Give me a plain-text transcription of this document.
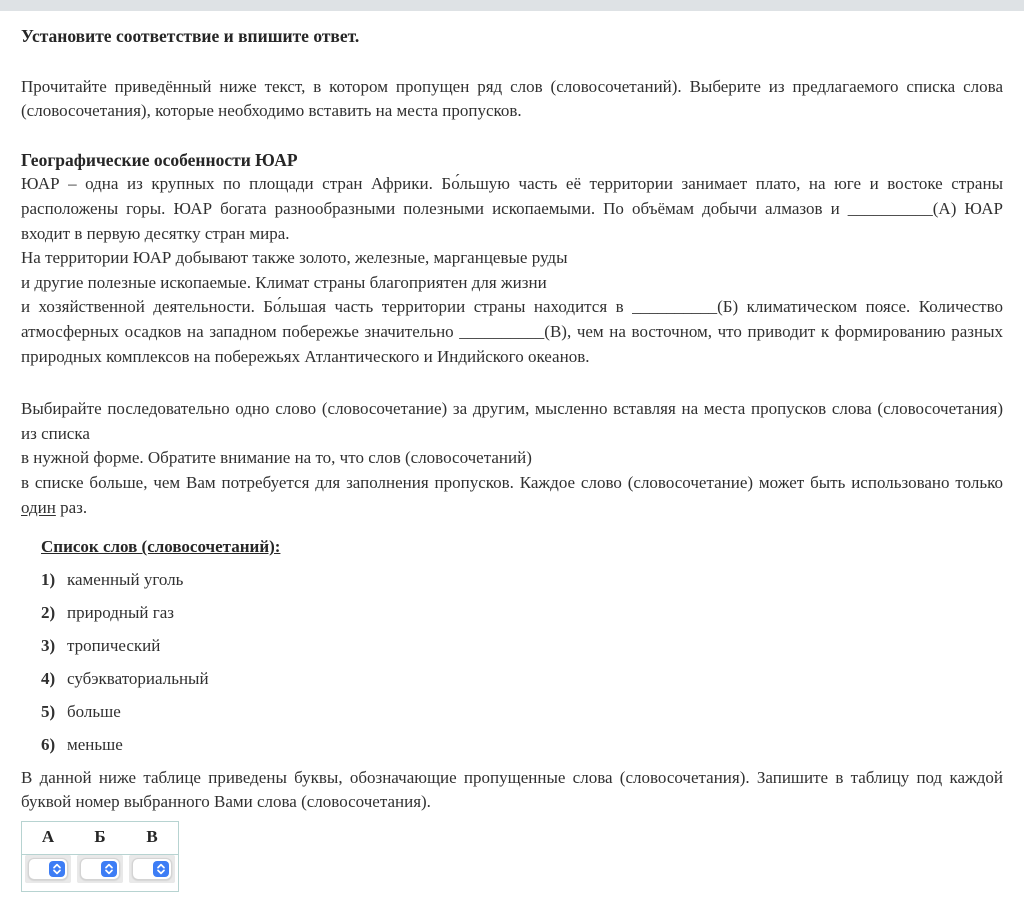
Установите соответствие и впишите ответ.

Прочитайте приведённый ниже текст, в котором пропущен ряд слов (словосочетаний). Выберите из предлагаемого списка слова (словосочетания), которые необходимо вставить на места пропусков.

Географические особенности ЮАР
ЮАР – одна из крупных по площади стран Африки. Бо́льшую часть её территории занимает плато, на юге и востоке страны расположены горы. ЮАР богата разнообразными полезными ископаемыми. По объёмам добычи алмазов и __________(А) ЮАР входит в первую десятку стран мира.
На территории ЮАР добывают также золото, железные, марганцевые руды
и другие полезные ископаемые. Климат страны благоприятен для жизни
и хозяйственной деятельности. Бо́льшая часть территории страны находится в __________(Б) климатическом поясе. Количество атмосферных осадков на западном побережье значительно __________(В), чем на восточном, что приводит к формированию разных природных комплексов на побережьях Атлантического и Индийского океанов.
Выбирайте последовательно одно слово (словосочетание) за другим, мысленно вставляя на места пропусков слова (словосочетания) из списка
в нужной форме. Обратите внимание на то, что слов (словосочетаний)
в списке больше, чем Вам потребуется для заполнения пропусков. Каждое слово (словосочетание) может быть использовано только один раз.
Список слов (словосочетаний):
1) каменный уголь
2) природный газ
3) тропический
4) субэкваториальный
5) больше
6) меньше

В данной ниже таблице приведены буквы, обозначающие пропущенные слова (словосочетания). Запишите в таблицу под каждой буквой номер выбранного Вами слова (словосочетания).

А	Б	В
